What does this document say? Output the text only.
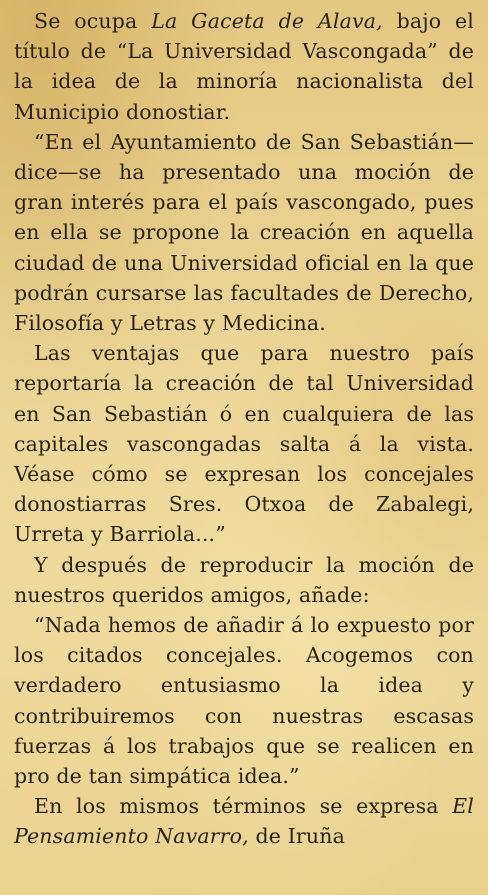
Se ocupa La Gaceta de Alava, bajo el título de “La Universidad Vascongada” de la idea de la minoría nacionalista del Municipio donostiar.

“En el Ayuntamiento de San Sebastián—dice—se ha presentado una moción de gran interés para el país vascongado, pues en ella se propone la creación en aquella ciudad de una Universidad oficial en la que podrán cursarse las facultades de Derecho, Filosofía y Letras y Medicina.

Las ventajas que para nuestro país reportaría la creación de tal Universidad en San Sebastián ó en cualquiera de las capitales vascongadas salta á la vista. Véase cómo se expresan los concejales donostiarras Sres. Otxoa de Zabalegi, Urreta y Barriola...”

Y después de reproducir la moción de nuestros queridos amigos, añade:

“Nada hemos de añadir á lo expuesto por los citados concejales. Acogemos con verdadero entusiasmo la idea y contribuiremos con nuestras escasas fuerzas á los trabajos que se realicen en pro de tan simpática idea.”

En los mismos términos se expresa El Pensamiento Navarro, de Iruña
